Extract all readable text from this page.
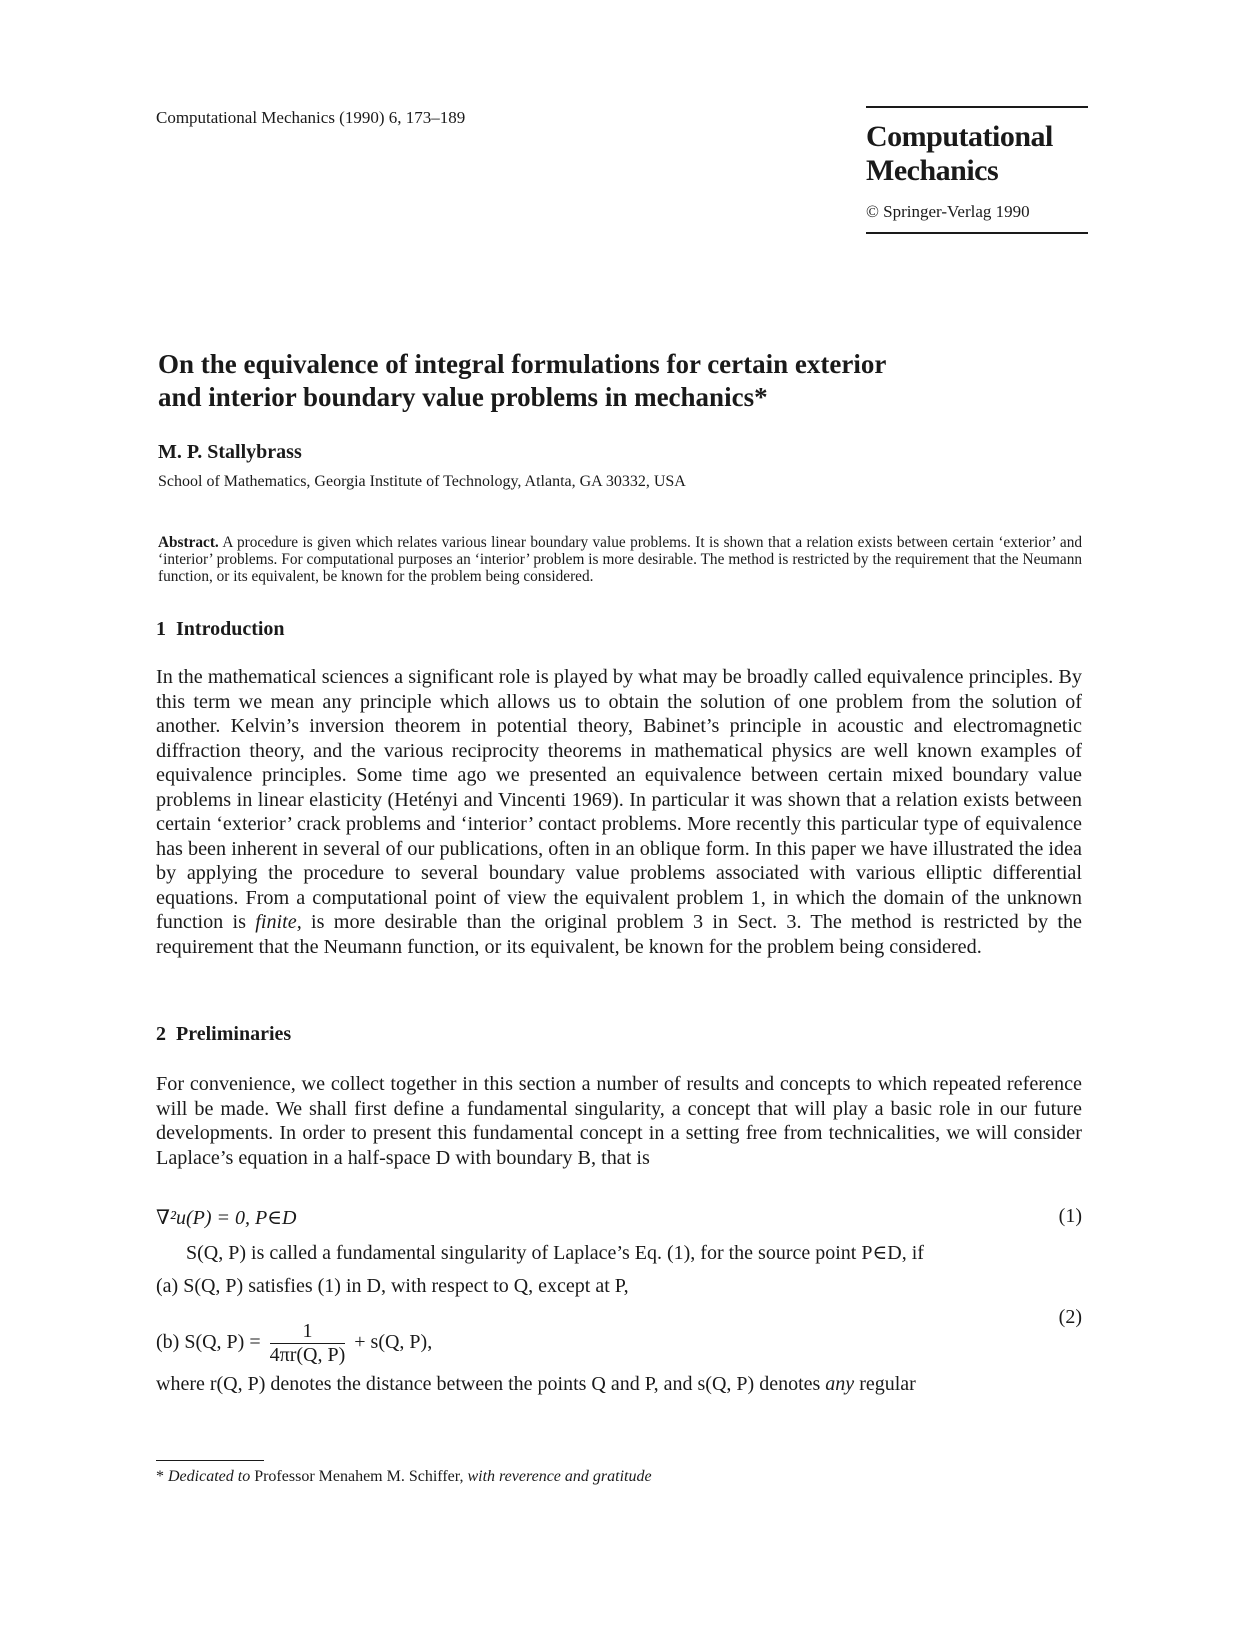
Computational Mechanics (1990) 6, 173–189
Computational
Mechanics
© Springer-Verlag 1990
On the equivalence of integral formulations for certain exterior
and interior boundary value problems in mechanics*
M. P. Stallybrass
School of Mathematics, Georgia Institute of Technology, Atlanta, GA 30332, USA
Abstract. A procedure is given which relates various linear boundary value problems. It is shown that a relation exists between certain ‘exterior’ and ‘interior’ problems. For computational purposes an ‘interior’ problem is more desirable. The method is restricted by the requirement that the Neumann function, or its equivalent, be known for the problem being considered.
1 Introduction
In the mathematical sciences a significant role is played by what may be broadly called equivalence principles. By this term we mean any principle which allows us to obtain the solution of one problem from the solution of another. Kelvin’s inversion theorem in potential theory, Babinet’s principle in acoustic and electromagnetic diffraction theory, and the various reciprocity theorems in mathematical physics are well known examples of equivalence principles. Some time ago we presented an equivalence between certain mixed boundary value problems in linear elasticity (Hetényi and Vincenti 1969). In particular it was shown that a relation exists between certain ‘exterior’ crack problems and ‘interior’ contact problems. More recently this particular type of equivalence has been inherent in several of our publications, often in an oblique form. In this paper we have illustrated the idea by applying the procedure to several boundary value problems associated with various elliptic differential equations. From a computational point of view the equivalent problem 1, in which the domain of the unknown function is finite, is more desirable than the original problem 3 in Sect. 3. The method is restricted by the requirement that the Neumann function, or its equivalent, be known for the problem being considered.
2 Preliminaries
For convenience, we collect together in this section a number of results and concepts to which repeated reference will be made. We shall first define a fundamental singularity, a concept that will play a basic role in our future developments. In order to present this fundamental concept in a setting free from technicalities, we will consider Laplace’s equation in a half-space D with boundary B, that is
∇²u(P) = 0, P∈D	(1)
S(Q, P) is called a fundamental singularity of Laplace’s Eq. (1), for the source point P∈D, if
(a) S(Q, P) satisfies (1) in D, with respect to Q, except at P,
(b) S(Q, $P) = \frac{1}{4\pi r(Q, P)} + s(Q$, P),
(2)
where r(Q, P) denotes the distance between the points Q and P, and s(Q, P) denotes any regular
* Dedicated to Professor Menahem M. Schiffer, with reverence and gratitude
